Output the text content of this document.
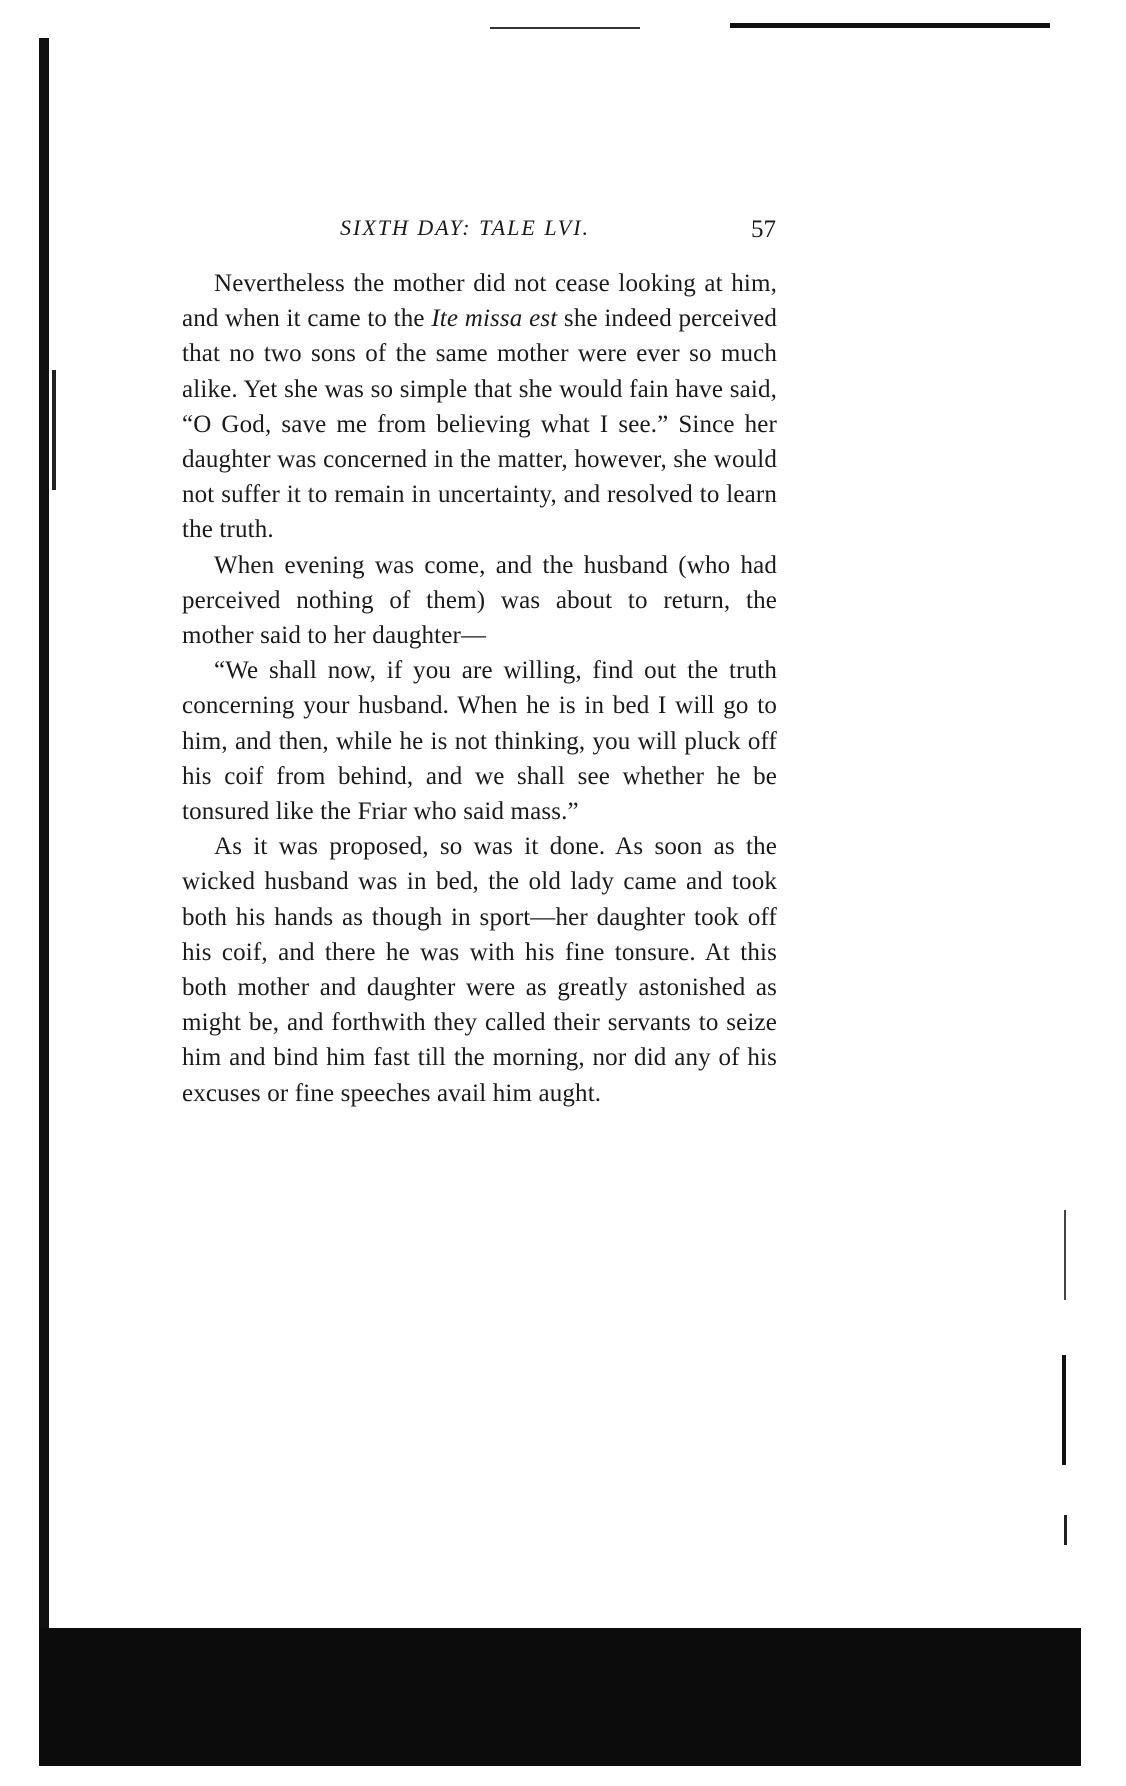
SIXTH DAY: TALE LVI.	57

Nevertheless the mother did not cease looking at him, and when it came to the Ite missa est she indeed perceived that no two sons of the same mother were ever so much alike. Yet she was so simple that she would fain have said, “O God, save me from believing what I see.” Since her daughter was concerned in the matter, however, she would not suffer it to remain in uncertainty, and resolved to learn the truth.

When evening was come, and the husband (who had perceived nothing of them) was about to return, the mother said to her daughter—

“We shall now, if you are willing, find out the truth concerning your husband. When he is in bed I will go to him, and then, while he is not thinking, you will pluck off his coif from behind, and we shall see whether he be tonsured like the Friar who said mass.”

As it was proposed, so was it done. As soon as the wicked husband was in bed, the old lady came and took both his hands as though in sport—her daughter took off his coif, and there he was with his fine tonsure. At this both mother and daughter were as greatly astonished as might be, and forthwith they called their servants to seize him and bind him fast till the morning, nor did any of his excuses or fine speeches avail him aught.
